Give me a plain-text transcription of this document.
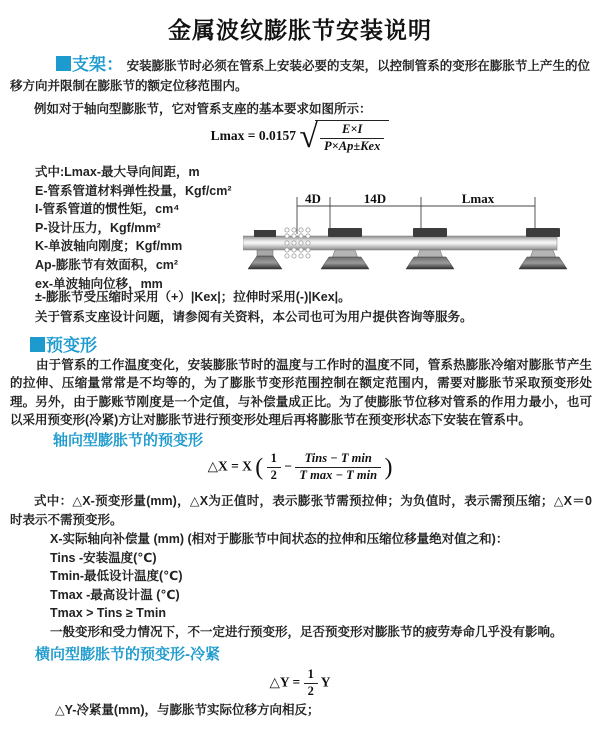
金属波纹膨胀节安装说明
支架： 安装膨胀节时必须在管系上安装必要的支架，以控制管系的变形在膨胀节上产生的位移方向并限制在膨胀节的额定位移范围内。
例如对于轴向型膨胀节，它对管系支座的基本要求如图所示：
Lmax = 0.0157 √ $\frac{E\times I}{\text{P×Ap±Kex}}$
式中:Lmax-最大导向间距，m
E-管系管道材料弹性投量，Kgf/cm²
I-管系管道的惯性矩，cm⁴
P-设计压力，Kgf/mm²
K-单波轴向刚度；Kgf/mm
Ap-膨胀节有效面积，cm²
ex-单波轴向位移，mm
4D	14D	Lmax
±-膨胀节受压缩时采用（+）|Kex|；拉伸时采用(-)|Kex|。
关于管系支座设计问题，请参阅有关资料，本公司也可为用户提供咨询等服务。
预变形
由于管系的工作温度变化，安装膨胀节时的温度与工作时的温度不同，管系热膨胀冷缩对膨胀节产生的拉伸、压缩量常常是不均等的，为了膨胀节变形范围控制在额定范围内，需要对膨胀节采取预变形处理。另外，由于膨账节刚度是一个定值，与补偿量成正比。为了使膨胀节位移对管系的作用力最小，也可以采用预变形(冷紧)方让对膨胀节进行预变形处理后再将膨胀节在预变形状态下安装在管系中。
轴向型膨胀节的预变形
△X = X ( $\frac{1}{2} - \frac{\text{Tins − T min}}{\text{T max − T min}}$ )
式中：△X-预变形量(mm)，△X为正值时，表示膨张节需预拉伸；为负值时，表示需预压缩；△X＝0时表示不需预变形。
X-实际轴向补偿量 (mm) (相对于膨胀节中间状态的拉伸和压缩位移量绝对值之和)：
Tins -安装温度(℃)
Tmin-最低设计温度(℃)
Tmax -最高设计温 (℃)
Tmax > Tins ≥ Tmin
一般变形和受力情况下，不一定进行预变形，足否预变形对膨胀节的疲劳寿命几乎没有影响。
横向型膨胀节的预变形-冷紧
△Y = $\frac{1}{2}$ Y
△Y-冷紧量(mm)，与膨胀节实际位移方向相反；
